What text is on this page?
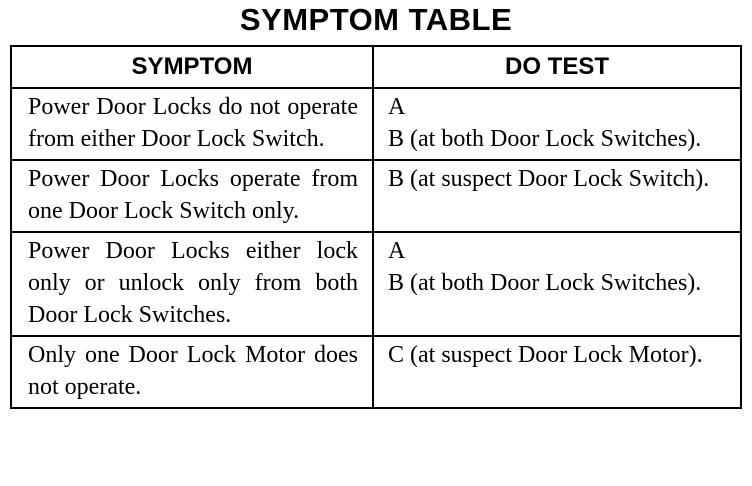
SYMPTOM TABLE
SYMPTOM	DO TEST

Power Door Locks do not operate from either Door Lock Switch.	A
B (at both Door Lock Switches).

Power Door Locks operate from one Door Lock Switch only.	B (at suspect Door Lock Switch).

Power Door Locks either lock only or unlock only from both Door Lock Switches.	A
B (at both Door Lock Switches).

Only one Door Lock Motor does not operate.	C (at suspect Door Lock Motor).
